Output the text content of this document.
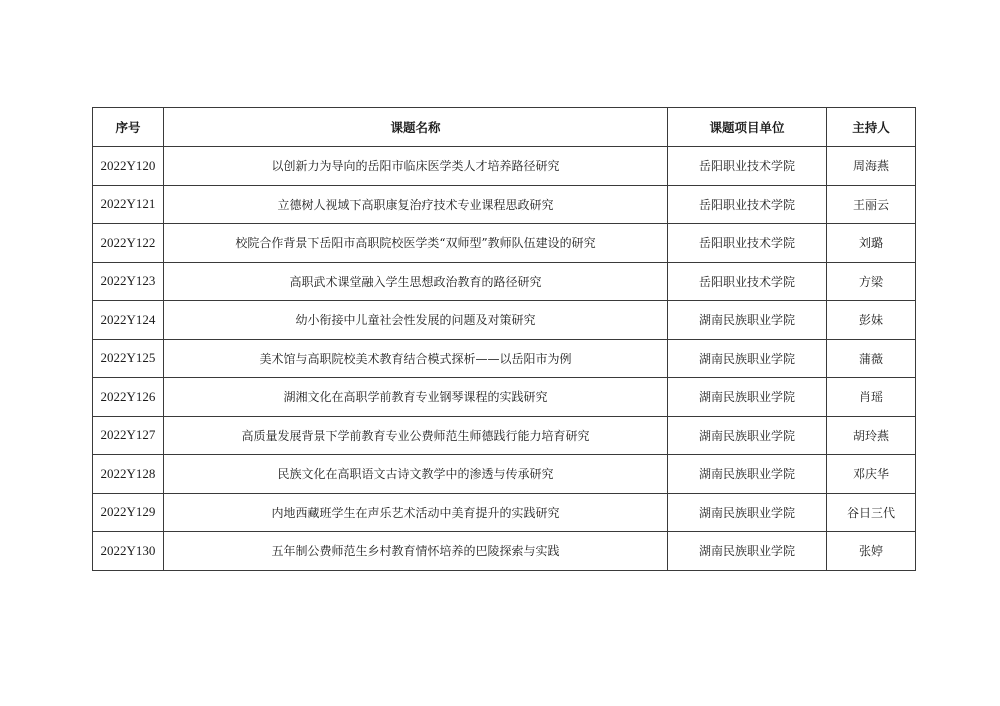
序号	课题名称	课题项目单位	主持人
2022Y120	以创新力为导向的岳阳市临床医学类人才培养路径研究	岳阳职业技术学院	周海燕
2022Y121	立德树人视域下高职康复治疗技术专业课程思政研究	岳阳职业技术学院	王丽云
2022Y122	校院合作背景下岳阳市高职院校医学类“双师型”教师队伍建设的研究	岳阳职业技术学院	刘璐
2022Y123	高职武术课堂融入学生思想政治教育的路径研究	岳阳职业技术学院	方梁
2022Y124	幼小衔接中儿童社会性发展的问题及对策研究	湖南民族职业学院	彭妹
2022Y125	美术馆与高职院校美术教育结合模式探析——以岳阳市为例	湖南民族职业学院	蒲薇
2022Y126	湖湘文化在高职学前教育专业钢琴课程的实践研究	湖南民族职业学院	肖瑶
2022Y127	高质量发展背景下学前教育专业公费师范生师德践行能力培育研究	湖南民族职业学院	胡玲燕
2022Y128	民族文化在高职语文古诗文教学中的渗透与传承研究	湖南民族职业学院	邓庆华
2022Y129	内地西藏班学生在声乐艺术活动中美育提升的实践研究	湖南民族职业学院	谷日三代
2022Y130	五年制公费师范生乡村教育情怀培养的巴陵探索与实践	湖南民族职业学院	张婷
